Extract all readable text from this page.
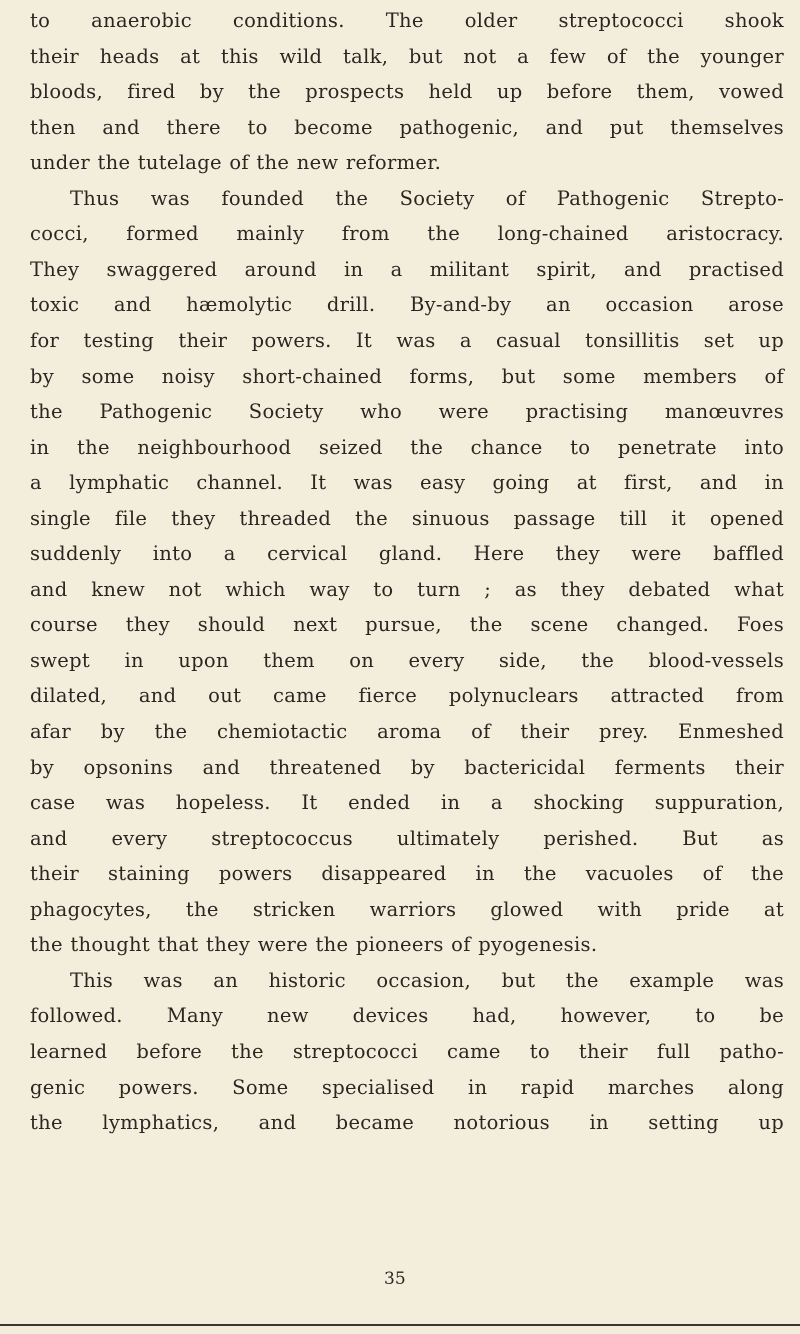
to anaerobic conditions. The older streptococci shook
their heads at this wild talk, but not a few of the younger
bloods, fired by the prospects held up before them, vowed
then and there to become pathogenic, and put themselves
under the tutelage of the new reformer.
Thus was founded the Society of Pathogenic Strepto-
cocci, formed mainly from the long-chained aristocracy.
They swaggered around in a militant spirit, and practised
toxic and hæmolytic drill. By-and-by an occasion arose
for testing their powers. It was a casual tonsillitis set up
by some noisy short-chained forms, but some members of
the Pathogenic Society who were practising manœuvres
in the neighbourhood seized the chance to penetrate into
a lymphatic channel. It was easy going at first, and in
single file they threaded the sinuous passage till it opened
suddenly into a cervical gland. Here they were baffled
and knew not which way to turn ; as they debated what
course they should next pursue, the scene changed. Foes
swept in upon them on every side, the blood-vessels
dilated, and out came fierce polynuclears attracted from
afar by the chemiotactic aroma of their prey. Enmeshed
by opsonins and threatened by bactericidal ferments their
case was hopeless. It ended in a shocking suppuration,
and every streptococcus ultimately perished. But as
their staining powers disappeared in the vacuoles of the
phagocytes, the stricken warriors glowed with pride at
the thought that they were the pioneers of pyogenesis.
This was an historic occasion, but the example was
followed. Many new devices had, however, to be
learned before the streptococci came to their full patho-
genic powers. Some specialised in rapid marches along
the lymphatics, and became notorious in setting up
35
